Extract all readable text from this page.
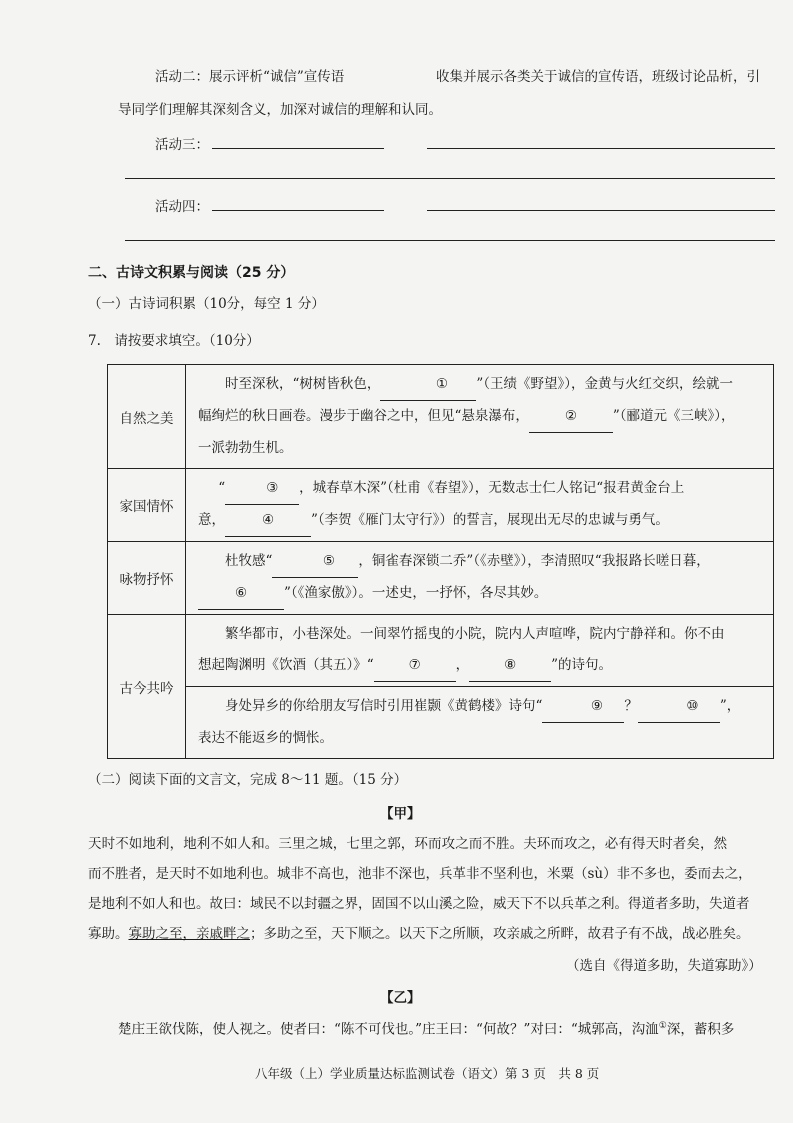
活动二：展示评析“诚信”宣传语	收集并展示各类关于诚信的宣传语，班级讨论品析，引
导同学们理解其深刻含义，加深对诚信的理解和认同。
活动三：
活动四：
二、古诗文积累与阅读（25 分）
（一）古诗词积累（10分，每空 1 分）
7.　请按要求填空。（10分）
自然之美	时至深秋，“树树皆秋色， ① ”（王绩《野望》），金黄与火红交织，绘就一
幅绚烂的秋日画卷。漫步于幽谷之中，但见“悬泉瀑布， ② ”（郦道元《三峡》），
一派勃勃生机。

家国情怀	“ ③ ，城春草木深”（杜甫《春望》），无数志士仁人铭记“报君黄金台上
意， ④ ”（李贺《雁门太守行》）的誓言，展现出无尽的忠诚与勇气。

咏物抒怀	杜牧感“ ⑤ ，铜雀春深锁二乔”（《赤壁》），李清照叹“我报路长嗟日暮，
⑥ ”（《渔家傲》）。一述史，一抒怀，各尽其妙。

古今共吟	繁华都市，小巷深处。一间翠竹摇曳的小院，院内人声喧哗，院内宁静祥和。你不由
想起陶渊明《饮酒（其五）》“ ⑦ ， ⑧ ”的诗句。
身处异乡的你给朋友写信时引用崔颢《黄鹤楼》诗句“ ⑨ ？ ⑩ ”，
表达不能返乡的惆怅。
（二）阅读下面的文言文，完成 8～11 题。（15 分）
【甲】
天时不如地利，地利不如人和。三里之城，七里之郭，环而攻之而不胜。夫环而攻之，必有得天时者矣，然
而不胜者，是天时不如地利也。城非不高也，池非不深也，兵革非不坚利也，米粟（sù）非不多也，委而去之，
是地利不如人和也。故曰：域民不以封疆之界，固国不以山溪之险，威天下不以兵革之利。得道者多助，失道者
寡助。寡助之至，亲戚畔之；多助之至，天下顺之。以天下之所顺，攻亲戚之所畔，故君子有不战，战必胜矣。
（选自《得道多助，失道寡助》）
【乙】
楚庄王欲伐陈，使人视之。使者曰：“陈不可伐也。”庄王曰：“何故？”对曰：“城郭高，沟洫①深，蓄积多
八年级（上）学业质量达标监测试卷（语文）第 3 页　共 8 页
